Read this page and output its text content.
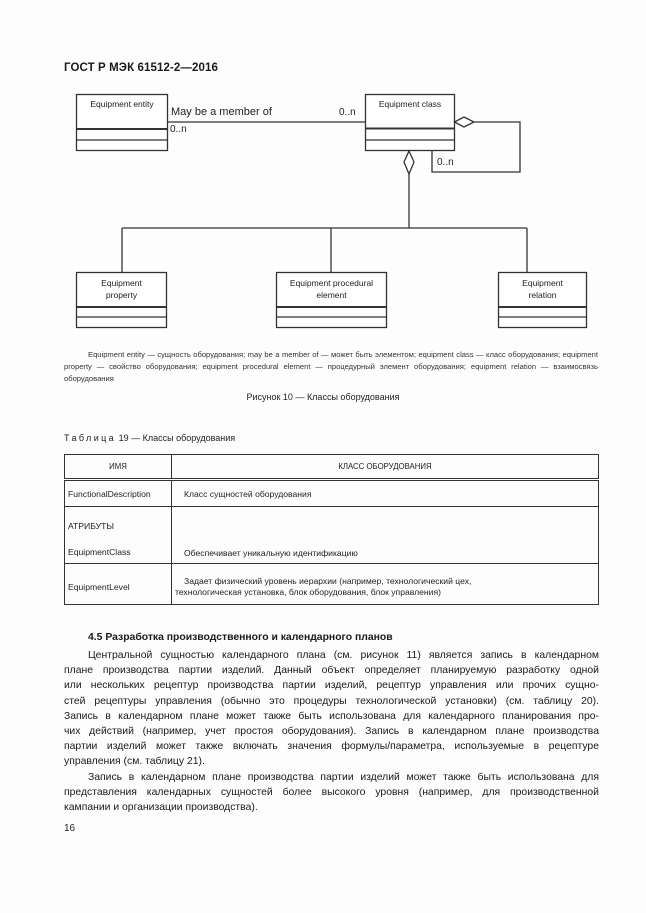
ГОСТ Р МЭК 61512-2—2016
Equipment entity	Equipment class
Equipment
property
Equipment procedural
element
Equipment
relation
May be a member of
0..n
0..n
0..n
Equipment entity — сущность оборудования; may be a member of — может быть элементом; equipment class — класс оборудования; equipment property — свойство оборудования; equipment procedural element — процедурный элемент оборудования; equipment relation — взаимосвязь оборудования
Рисунок 10 — Классы оборудования
Таблица 19 — Классы оборудования
ИМЯ	КЛАСС ОБОРУДОВАНИЯ
FunctionalDescription	Класс сущностей оборудования

АТРИБУТЫ
EquipmentClass	Обеспечивает уникальную идентификацию

EquipmentLevel	Задает физический уровень иерархии (например, технологический цех,
технологическая установка, блок оборудования, блок управления)
4.5 Разработка производственного и календарного планов
Центральной сущностью календарного плана (см. рисунок 11) является запись в календарном
плане производства партии изделий. Данный объект определяет планируемую разработку одной
или нескольких рецептур производства партии изделий, рецептур управления или прочих сущно-
стей рецептуры управления (обычно это процедуры технологической установки) (см. таблицу 20).
Запись в календарном плане может также быть использована для календарного планирования про-
чих действий (например, учет простоя оборудования). Запись в календарном плане производства
партии изделий может также включать значения формулы/параметра, используемые в рецептуре
управления (см. таблицу 21).
Запись в календарном плане производства партии изделий может также быть использована для
представления календарных сущностей более высокого уровня (например, для производственной
кампании и организации производства).
16
